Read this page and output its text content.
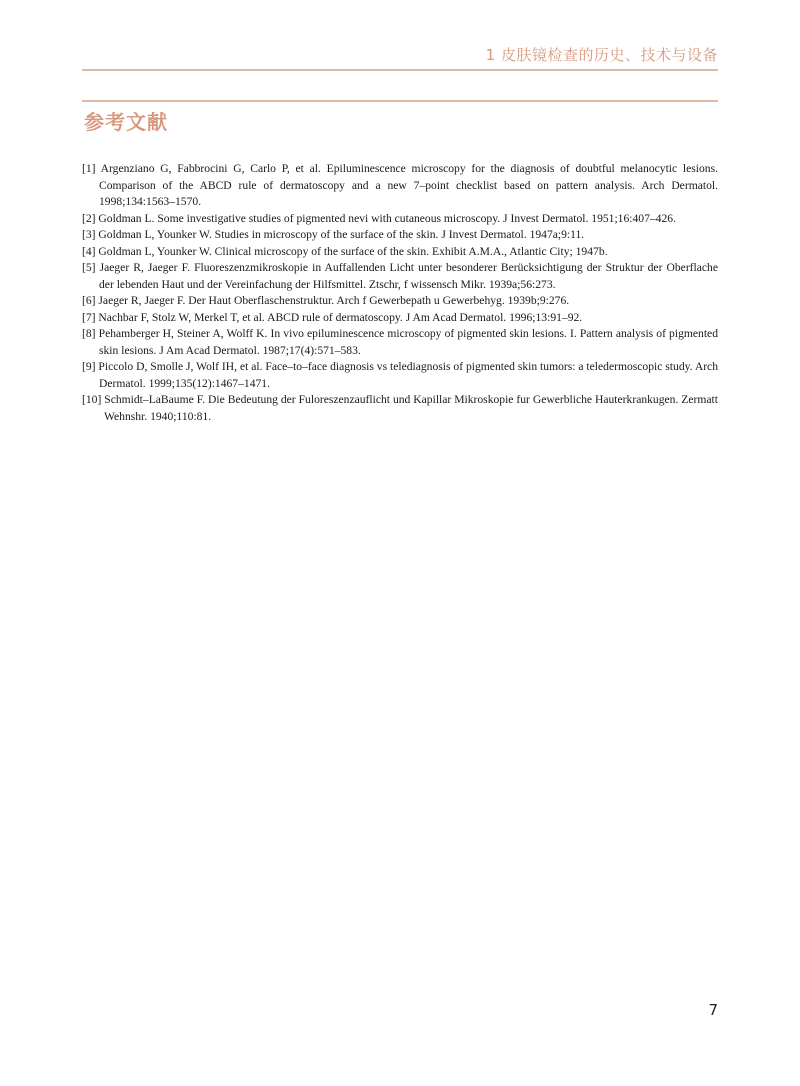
1 皮肤镜检查的历史、技术与设备
参考文献
[1] Argenziano G, Fabbrocini G, Carlo P, et al. Epiluminescence microscopy for the diagnosis of doubtful melanocytic lesions. Comparison of the ABCD rule of dermatoscopy and a new 7–point checklist based on pattern analysis. Arch Dermatol. 1998;134:1563–1570.
[2] Goldman L. Some investigative studies of pigmented nevi with cutaneous microscopy. J Invest Dermatol. 1951;16:407–426.
[3] Goldman L, Younker W. Studies in microscopy of the surface of the skin. J Invest Dermatol. 1947a;9:11.
[4] Goldman L, Younker W. Clinical microscopy of the surface of the skin. Exhibit A.M.A., Atlantic City; 1947b.
[5] Jaeger R, Jaeger F. Fluoreszenzmikroskopie in Auffallenden Licht unter besonderer Berücksichtigung der Struktur der Oberflache der lebenden Haut und der Vereinfachung der Hilfsmittel. Ztschr, f wissensch Mikr. 1939a;56:273.
[6] Jaeger R, Jaeger F. Der Haut Oberflaschenstruktur. Arch f Gewerbepath u Gewerbehyg. 1939b;9:276.
[7] Nachbar F, Stolz W, Merkel T, et al. ABCD rule of dermatoscopy. J Am Acad Dermatol. 1996;13:91–92.
[8] Pehamberger H, Steiner A, Wolff K. In vivo epiluminescence microscopy of pigmented skin lesions. I. Pattern analysis of pigmented skin lesions. J Am Acad Dermatol. 1987;17(4):571–583.
[9] Piccolo D, Smolle J, Wolf IH, et al. Face–to–face diagnosis vs telediagnosis of pigmented skin tumors: a teledermoscopic study. Arch Dermatol. 1999;135(12):1467–1471.
[10] Schmidt–LaBaume F. Die Bedeutung der Fuloreszenzauflicht und Kapillar Mikroskopie fur Gewerbliche Hauterkrankugen. Zermatt Wehnshr. 1940;110:81.
7
